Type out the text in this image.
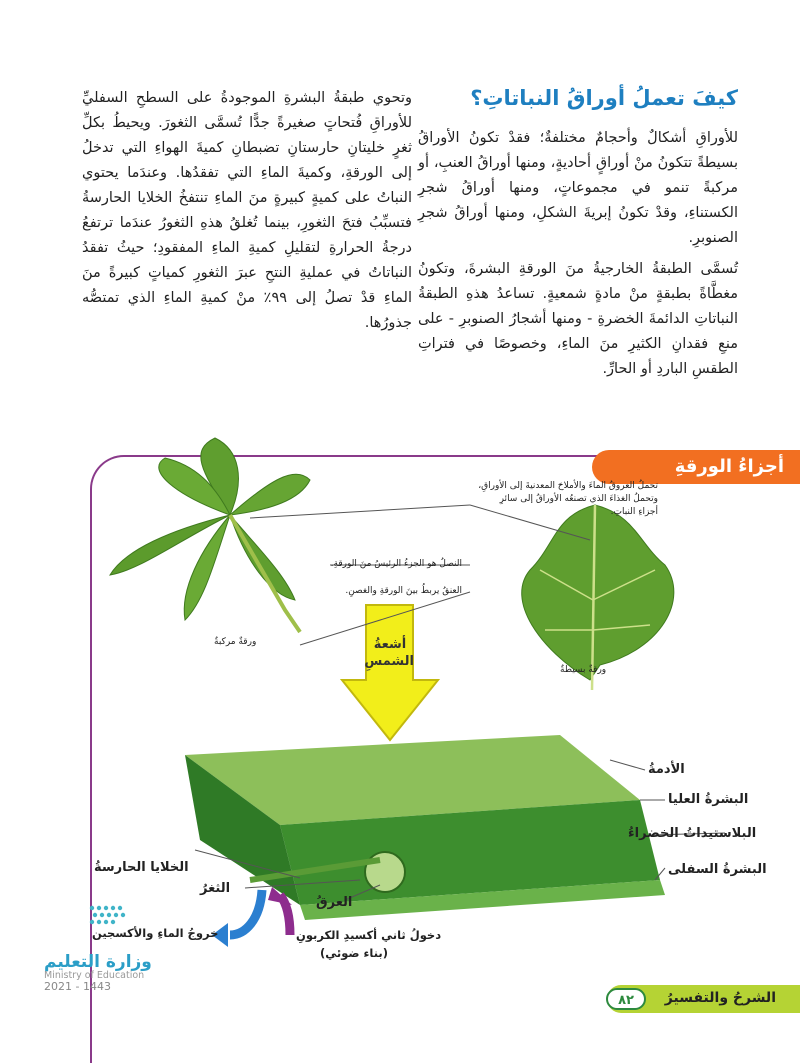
كيفَ تعملُ أوراقُ النباتاتِ؟

للأوراقِ أشكالٌ وأحجامٌ مختلفةٌ؛ فقدْ تكونُ الأوراقُ بسيطةً تتكونُ منْ أوراقٍ أحاديةٍ، ومنها أوراقُ العنبِ، أو مركبةً تنمو في مجموعاتٍ، ومنها أوراقُ شجرِ الكستناءِ، وقدْ تكونُ إبريةَ الشكلِ، ومنها أوراقُ شجرِ الصنوبرِ.

تُسمَّى الطبقةُ الخارجيةُ منَ الورقةِ البشرةَ، وتكونُ مغطَّاةً بطبقةٍ منْ مادةٍ شمعيةٍ. تساعدُ هذهِ الطبقةُ النباتاتِ الدائمةَ الخضرةِ - ومنها أشجارُ الصنوبرِ - على منعِ فقدانِ الكثيرِ منَ الماءِ، وخصوصًا في فتراتِ الطقسِ الباردِ أو الحارِّ.

وتحوي طبقةُ البشرةِ الموجودةُ على السطحِ السفليِّ للأوراقِ فُتحاتٍ صغيرةً جدًّا تُسمَّى الثغورَ. ويحيطُ بكلِّ ثغرٍ خليتانِ حارستانِ تضبطانِ كميةَ الهواءِ التي تدخلُ إلى الورقةِ، وكميةَ الماءِ التي تفقدُها. وعندَما يحتوي النباتُ على كميةٍ كبيرةٍ منَ الماءِ تنتفخُ الخلايا الحارسةُ فتسبِّبُ فتحَ الثغورِ، بينما تُغلقُ هذهِ الثغورُ عندَما ترتفعُ درجةُ الحرارةِ لتقليلِ كميةِ الماءِ المفقودِ؛ حيثُ تفقدُ النباتاتُ في عمليةِ النتحِ عبرَ الثغورِ كمياتٍ كبيرةً منَ الماءِ قدْ تصلُ إلى ٩٩٪ منْ كميةِ الماءِ الذي تمتصُّه جذورُها.

أجزاءُ الورقةِ
تحملُ العروقُ الماءَ والأملاحَ المعدنيةَ إلى الأوراقِ، وتحملُ الغذاءَ الذي تصنعُه الأوراقُ إلى سائرِ أجزاءِ النباتِ.
النصلُ هو الجزءُ الرئيسُ منَ الورقةِ.
العنقُ يربطُ بينَ الورقةِ والغصنِ.
ورقةٌ مركبةٌ
ورقةٌ بسيطةٌ
أشعةُ
الشمسِ
الأدمةُ
البشرةُ العليا
البلاستيداتُ الخضراءُ
البشرةُ السفلى
الخلايا الحارسةُ
الثغرُ
العرقُ
دخولُ ثاني أكسيدِ الكربونِ
(بناء ضوئي)
خروجُ الماءِ والأكسجين
وزارة التعليم
Ministry of Education
2021 - 1443
الشرحُ والتفسيرُ
٨٢
